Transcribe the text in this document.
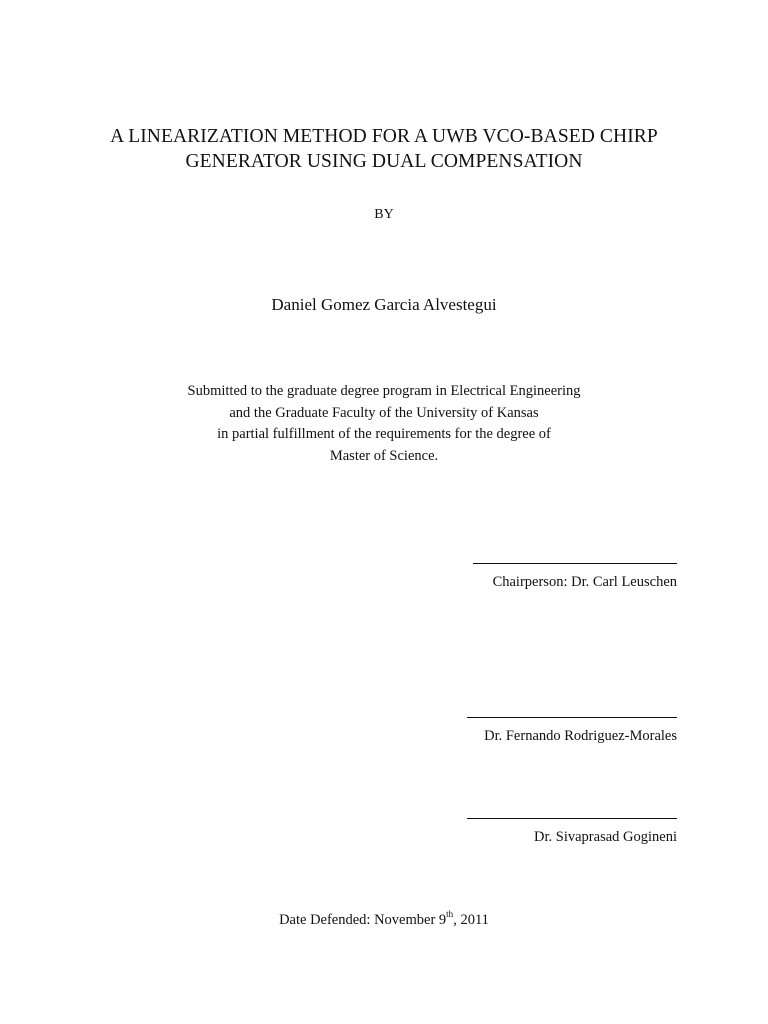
A LINEARIZATION METHOD FOR A UWB VCO-BASED CHIRP
GENERATOR USING DUAL COMPENSATION
BY
Daniel Gomez Garcia Alvestegui
Submitted to the graduate degree program in Electrical Engineering
and the Graduate Faculty of the University of Kansas
in partial fulfillment of the requirements for the degree of
Master of Science.
Chairperson: Dr. Carl Leuschen
Dr. Fernando Rodriguez-Morales
Dr. Sivaprasad Gogineni
Date Defended: November 9th, 2011
